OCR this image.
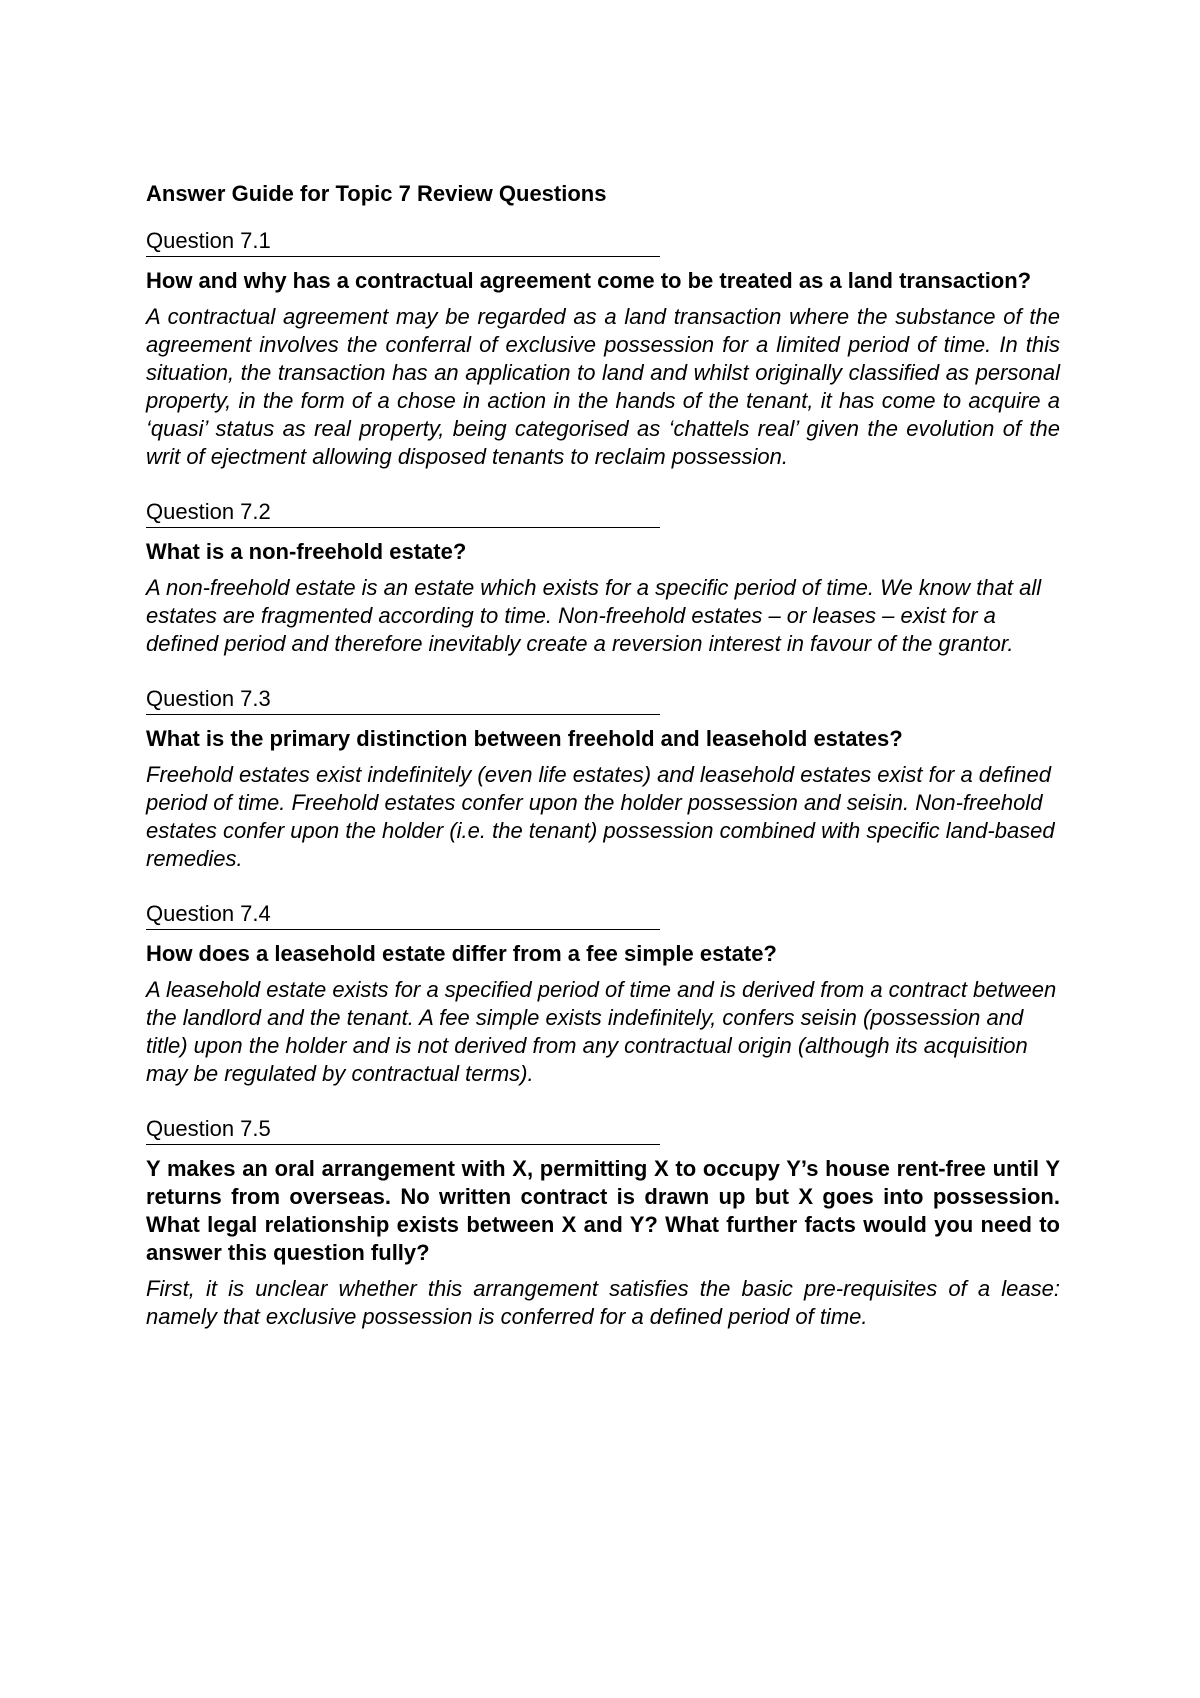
Answer Guide for Topic 7 Review Questions
Question 7.1

How and why has a contractual agreement come to be treated as a land transaction?

A contractual agreement may be regarded as a land transaction where the substance of the agreement involves the conferral of exclusive possession for a limited period of time. In this situation, the transaction has an application to land and whilst originally classified as personal property, in the form of a chose in action in the hands of the tenant, it has come to acquire a ‘quasi’ status as real property, being categorised as ‘chattels real’ given the evolution of the writ of ejectment allowing disposed tenants to reclaim possession.

Question 7.2

What is a non-freehold estate?

A non-freehold estate is an estate which exists for a specific period of time. We know that all estates are fragmented according to time. Non-freehold estates – or leases – exist for a defined period and therefore inevitably create a reversion interest in favour of the grantor.

Question 7.3

What is the primary distinction between freehold and leasehold estates?

Freehold estates exist indefinitely (even life estates) and leasehold estates exist for a defined period of time. Freehold estates confer upon the holder possession and seisin. Non-freehold estates confer upon the holder (i.e. the tenant) possession combined with specific land-based remedies.

Question 7.4

How does a leasehold estate differ from a fee simple estate?

A leasehold estate exists for a specified period of time and is derived from a contract between the landlord and the tenant. A fee simple exists indefinitely, confers seisin (possession and title) upon the holder and is not derived from any contractual origin (although its acquisition may be regulated by contractual terms).

Question 7.5

Y makes an oral arrangement with X, permitting X to occupy Y’s house rent-free until Y returns from overseas. No written contract is drawn up but X goes into possession. What legal relationship exists between X and Y? What further facts would you need to answer this question fully?

First, it is unclear whether this arrangement satisfies the basic pre-requisites of a lease: namely that exclusive possession is conferred for a defined period of time.
